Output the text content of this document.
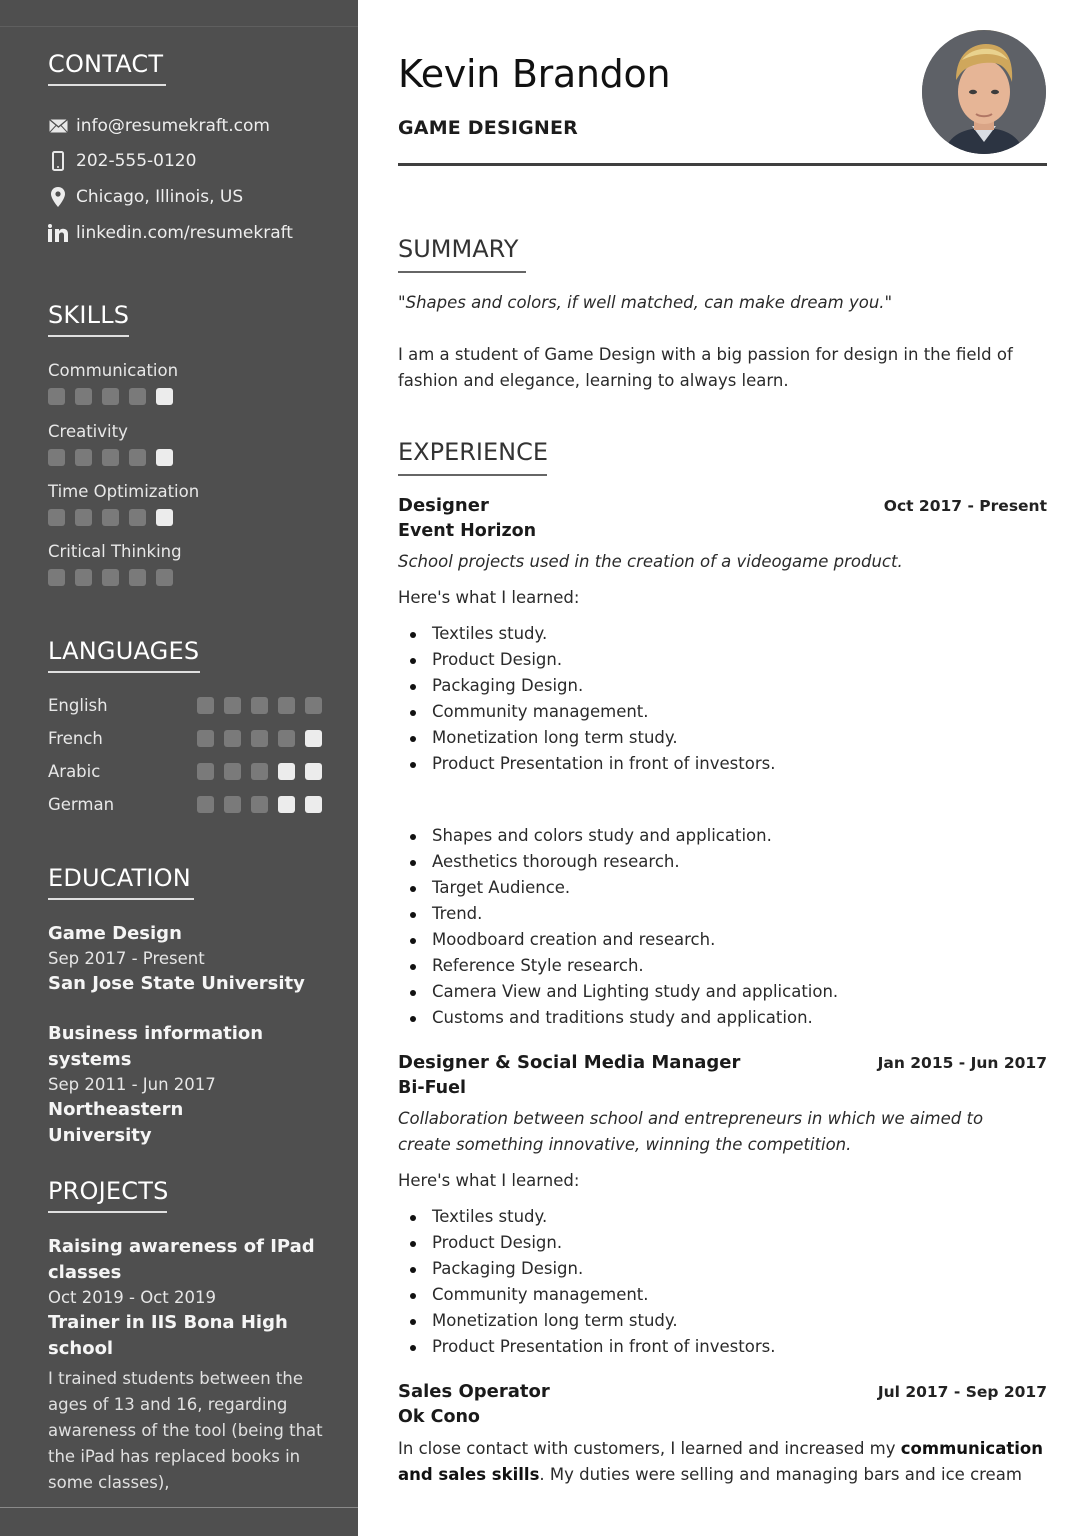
CONTACT
info@resumekraft.com
202-555-0120
Chicago, Illinois, US
linkedin.com/resumekraft
SKILLS
Communication
Creativity
Time Optimization
Critical Thinking
LANGUAGES
English
French
Arabic
German
EDUCATION
Game Design
Sep 2017 - Present
San Jose State University
Business information systems
Sep 2011 - Jun 2017
Northeastern University
PROJECTS
Raising awareness of IPad classes
Oct 2019 - Oct 2019
Trainer in IIS Bona High school
I trained students between the ages of 13 and 16, regarding awareness of the tool (being that the iPad has replaced books in some classes),
Kevin Brandon
GAME DESIGNER
SUMMARY
"Shapes and colors, if well matched, can make dream you."
I am a student of Game Design with a big passion for design in the field of fashion and elegance, learning to always learn.
EXPERIENCE
Designer	Oct 2017 - Present
Event Horizon
School projects used in the creation of a videogame product.
Here's what I learned:
Textiles study.
Product Design.
Packaging Design.
Community management.
Monetization long term study.
Product Presentation in front of investors.
Shapes and colors study and application.
Aesthetics thorough research.
Target Audience.
Trend.
Moodboard creation and research.
Reference Style research.
Camera View and Lighting study and application.
Customs and traditions study and application.
Designer & Social Media Manager	Jan 2015 - Jun 2017
Bi-Fuel
Collaboration between school and entrepreneurs in which we aimed to create something innovative, winning the competition.
Here's what I learned:
Textiles study.
Product Design.
Packaging Design.
Community management.
Monetization long term study.
Product Presentation in front of investors.
Sales Operator	Jul 2017 - Sep 2017
Ok Cono
In close contact with customers, I learned and increased my communication and sales skills. My duties were selling and managing bars and ice cream
